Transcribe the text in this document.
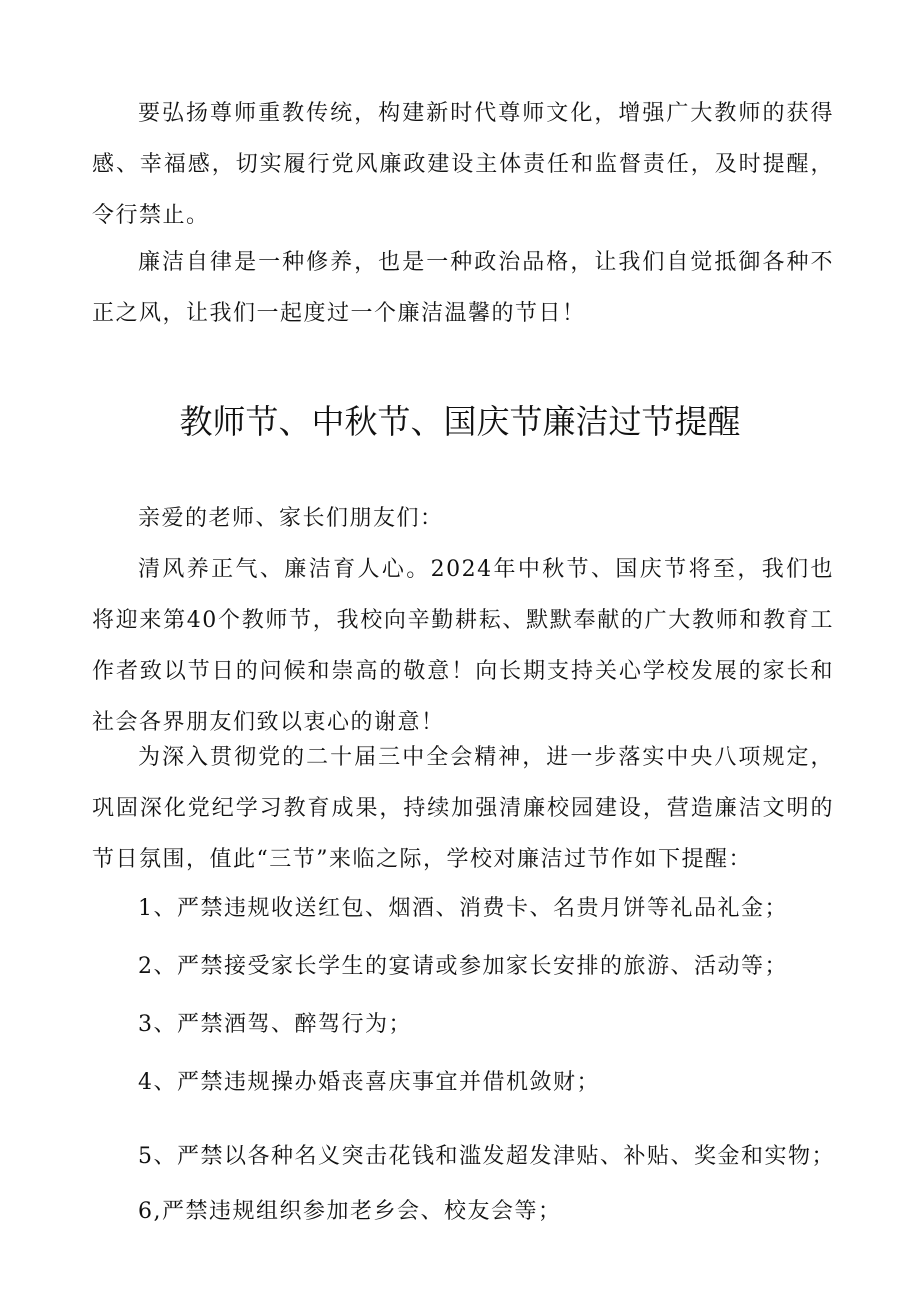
要弘扬尊师重教传统，构建新时代尊师文化，增强广大教师的获得感、幸福感，切实履行党风廉政建设主体责任和监督责任，及时提醒，令行禁止。

廉洁自律是一种修养，也是一种政治品格，让我们自觉抵御各种不正之风，让我们一起度过一个廉洁温馨的节日！

教师节、中秋节、国庆节廉洁过节提醒

亲爱的老师、家长们朋友们：

清风养正气、廉洁育人心。2024年中秋节、国庆节将至，我们也将迎来第40个教师节，我校向辛勤耕耘、默默奉献的广大教师和教育工作者致以节日的问候和崇高的敬意！向长期支持关心学校发展的家长和社会各界朋友们致以衷心的谢意！

为深入贯彻党的二十届三中全会精神，进一步落实中央八项规定，巩固深化党纪学习教育成果，持续加强清廉校园建设，营造廉洁文明的节日氛围，值此“三节”来临之际，学校对廉洁过节作如下提醒：

1、严禁违规收送红包、烟酒、消费卡、名贵月饼等礼品礼金；

2、严禁接受家长学生的宴请或参加家长安排的旅游、活动等；

3、严禁酒驾、醉驾行为；

4、严禁违规操办婚丧喜庆事宜并借机敛财；

5、严禁以各种名义突击花钱和滥发超发津贴、补贴、奖金和实物；

6,严禁违规组织参加老乡会、校友会等；
